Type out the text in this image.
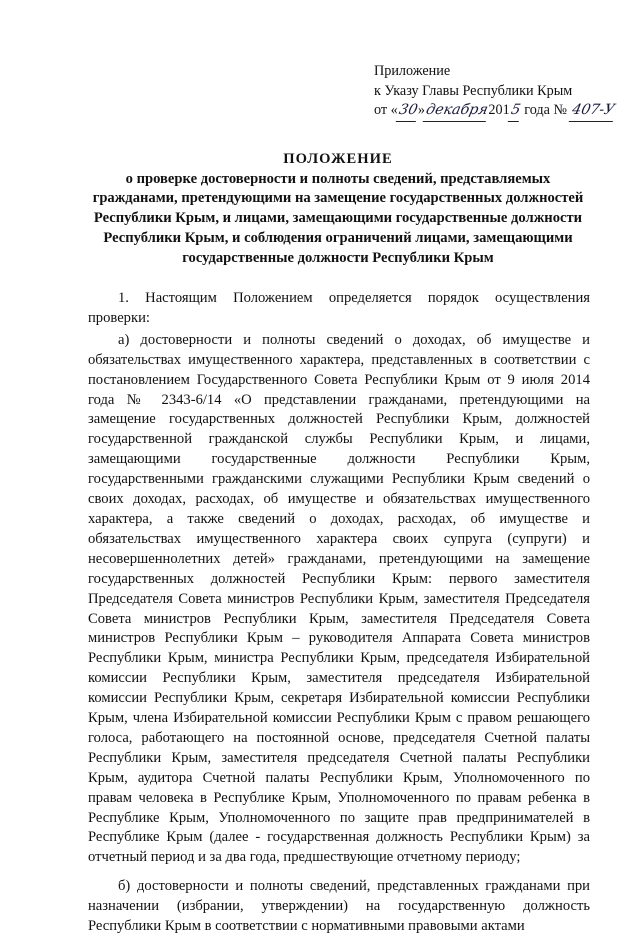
Приложение
к Указу Главы Республики Крым
от «30»декабря2015 года № 407-У
ПОЛОЖЕНИЕ
о проверке достоверности и полноты сведений, представляемых гражданами, претендующими на замещение государственных должностей Республики Крым, и лицами, замещающими государственные должности Республики Крым, и соблюдения ограничений лицами, замещающими государственные должности Республики Крым

1. Настоящим Положением определяется порядок осуществления проверки:

а) достоверности и полноты сведений о доходах, об имуществе и обязательствах имущественного характера, представленных в соответствии с постановлением Государственного Совета Республики Крым от 9 июля 2014 года № 2343-6/14 «О представлении гражданами, претендующими на замещение государственных должностей Республики Крым, должностей государственной гражданской службы Республики Крым, и лицами, замещающими государственные должности Республики Крым, государственными гражданскими служащими Республики Крым сведений о своих доходах, расходах, об имуществе и обязательствах имущественного характера, а также сведений о доходах, расходах, об имуществе и обязательствах имущественного характера своих супруга (супруги) и несовершеннолетних детей» гражданами, претендующими на замещение государственных должностей Республики Крым: первого заместителя Председателя Совета министров Республики Крым, заместителя Председателя Совета министров Республики Крым, заместителя Председателя Совета министров Республики Крым – руководителя Аппарата Совета министров Республики Крым, министра Республики Крым, председателя Избирательной комиссии Республики Крым, заместителя председателя Избирательной комиссии Республики Крым, секретаря Избирательной комиссии Республики Крым, члена Избирательной комиссии Республики Крым с правом решающего голоса, работающего на постоянной основе, председателя Счетной палаты Республики Крым, заместителя председателя Счетной палаты Республики Крым, аудитора Счетной палаты Республики Крым, Уполномоченного по правам человека в Республике Крым, Уполномоченного по правам ребенка в Республике Крым, Уполномоченного по защите прав предпринимателей в Республике Крым (далее - государственная должность Республики Крым) за отчетный период и за два года, предшествующие отчетному периоду;

б) достоверности и полноты сведений, представленных гражданами при назначении (избрании, утверждении) на государственную должность Республики Крым в соответствии с нормативными правовыми актами
